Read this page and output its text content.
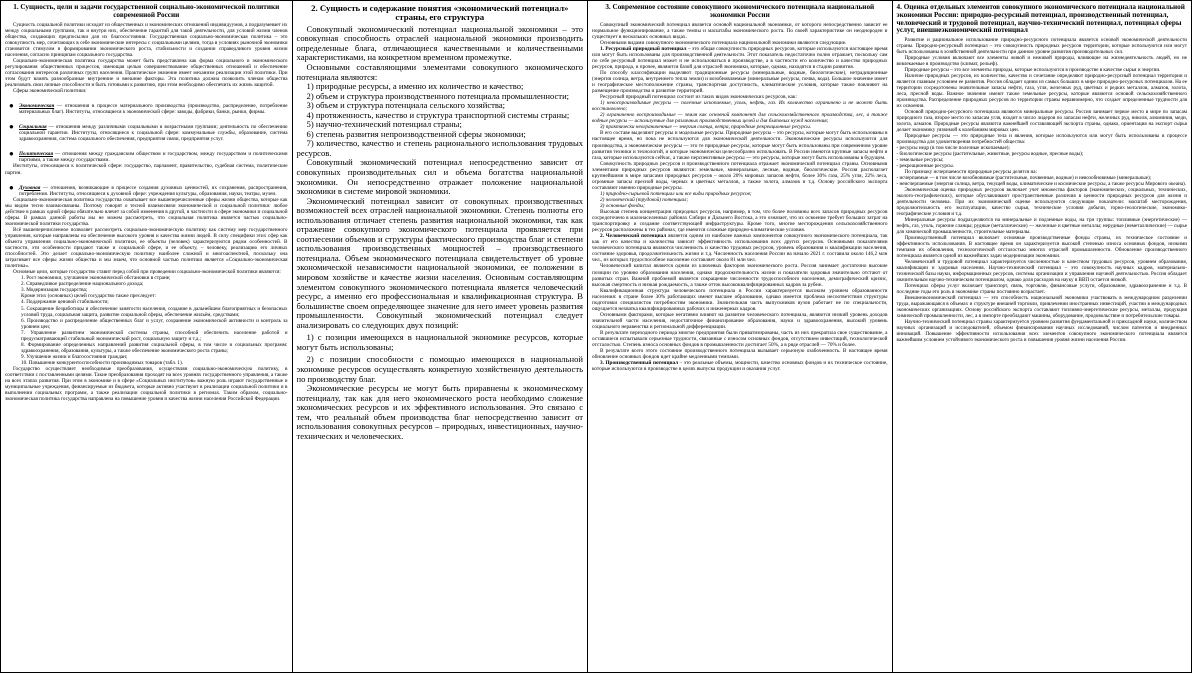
1. Сущность, цели и задачи государственной социально-экономической политики современной России

Сущность социальной политики исходит из общественных и экономических отношений индивидуумов, а подразумевает их между социальными группами, так и внутри них, обеспечение гарантий для такой деятельности, для условий жизни членов общества, создающих предпосылки для их благосостояния. Государственная социально-экономическая политика – это совокупность мер, сочетающих в себе экономические интересы с социальными целями, тогда в условиях рыночной экономики становится стимулом в формировании экономического роста, стабильности и создании справедливого уровня жизни населения, согласно принципам социального государства.

Социально-экономическая политика государства может быть представлена как форма социального и экономического регулирования общественных процессов, имеющая целью совершенствование общественных отношений и обеспечение согласования интересов различных групп населения. Практическое значение имеет механизм реализации этой политики. При этом будут влиять разнообразные внутренние и внешние факторы. Эта политика должна позволить членам общества реализовать свои личные способности и быть готовыми к развитию, при этом необходимо обеспечить их жизнь защитой.

Сферы экономической политики:

● Экономическая — отношения в процессе материального производства (производство, распределение, потребление материальных благ). Институты, относящиеся к экономической сфере: заводы, фабрики, банки, рынки, фирмы.

● Социальная — отношения между различными социальными и возрастными группами; деятельность по обеспечению социальной гарантии. Институты, относящиеся к социальной сфере: коммунальные службы, образование, система здравоохранения, система социального обеспечения, предприятия связи, предприятия услуг.

● Политическая — отношения между гражданским обществом и государством, между государством и политическими партиями, а также между государствами.

Институты, относящиеся к политической сфере: государство, парламент, правительство, судебная система, политические партии.

● Духовная — отношения, возникающие в процессе создания духовных ценностей, их сохранения, распространения, потребления. Институты, относящиеся к духовной сфере: учреждения культуры, образования, науки, театры, музеи.

Социально-экономическая политика государства охватывает все вышеперечисленные сферы жизни общества, которые как мы видим тесно взаимосвязаны. Поэтому говорят о тесной взаимосвязи экономической и социальной политики: любое действие в рамках одной сферы обязательно влечет за собой изменения в другой, в частности в сфере экономики и социальной сферы. В рамках данной работы мы не можем рассмотреть, что социальная политика является частью социально-экономической политики государства.

Всё вышеперечисленное позволяет рассмотреть социально-экономическую политику как систему мер государственного управления, которые направлены на обеспечение высокого уровня и качества жизни людей. В силу специфики этих сфер как объекта управления социально-экономической политики, ее объекты (человек) характеризуются рядом особенностей. В частности, эти особенности придают также и социальной сфере, и ее объекту, – человеку, реализацию его личных способностей. Это делает социально-экономическую политику наиболее сложной и многоаспектной, поскольку она затрагивает все сферы жизни общества и мы знаем, что основной частью политики является «Социально-экономическая политика».

Основные цели, которые государство ставит перед собой при проведении социально-экономической политики являются:

1. Рост экономики, улучшение экономической обстановки в стране;

2. Справедливое распределение национального дохода;

3. Модернизация государства;

Кроме этих (основных) целей государство также преследует:

4. Поддержание ценовой стабильности;

5. Сокращение безработицы и обеспечение занятости населения, создание в дальнейшем благоприятных и безопасных условий труда, социальная защита, развитие социальной сферы, обеспечение жильём, средствами;

6. Производство и распределение общественных благ и услуг, сохранение экономической активности и контроль за уровнем цен;

7. Управление развитием экономической системы страны, способной обеспечить население работой и предусматривающей стабильный экономический рост, социальную защиту и т.д.;

8. Формирование определенных направлений развития социальной сферы, в том числе и социальных программ: здравоохранения, образования, культуры, а также обеспечение экономического роста страны;

9. Улучшение жизни и благосостояния граждан;

10. Повышение конкурентоспособности производимых товаров (табл. 1).

Государство осуществляет необходимые преобразования, осуществляя социально-экономическую политику, в соответствии с поставленными целями. Такие преобразования проходят на всех уровнях государственного управления, а также на всех этапах развития. При этом в экономике и в сфере «Социальных институтов» важную роль играют государственные и муниципальные учреждения, финансируемые из бюджета, которые активно участвуют в реализации социальной политики и в выполнении социальных программ, а также реализации социальной политики в регионах. Таким образом, социально-экономическая политика государства направлена на повышение уровня и качества жизни населения Российской Федерации.

2. Сущность и содержание понятия «экономический потенциал» страны, его структура

Совокупный экономический потенциал национальной экономики – это совокупная способность отраслей национальной экономики производить определенные блага, отличающиеся качественными и количественными характеристиками, на конкретном временном промежутке.

Основными составляющими элементами совокупного экономического потенциала являются:

1) природные ресурсы, а именно их количество и качество;

2) объем и структура производственного потенциала промышленности;

3) объем и структура потенциала сельского хозяйства;

4) протяженность, качество и структура транспортной системы страны;

5) научно-технический потенциал страны;

6) степень развития непроизводственной сферы экономики;

7) количество, качество и степень рационального использования трудовых ресурсов.

Совокупный экономический потенциал непосредственно зависит от совокупных производительных сил и объема богатства национальной экономики. Он непосредственно отражает положение национальной экономики в системе мировой экономики.

Экономический потенциал зависит от совокупных производственных возможностей всех отраслей национальной экономики. Степень полноты его использования отличает степень развития национальной экономики, так как отражение совокупного экономического потенциала проявляется при соотнесении объемов и структуры фактического производства благ и степени использования производственных мощностей – производственного потенциала. Объем экономического потенциала свидетельствует об уровне экономической независимости национальной экономики, ее положении в мировом хозяйстве и качестве жизни населения. Основным составляющим элементом совокупного экономического потенциала является человеческий ресурс, а именно его профессиональная и квалификационная структура. В большинстве своем определяющее значение для него имеет уровень развития промышленности. Совокупный экономический потенциал следует анализировать со следующих двух позиций:

1) с позиции имеющихся в национальной экономике ресурсов, которые могут быть использованы;

2) с позиции способности с помощью имеющихся в национальной экономике ресурсов осуществлять конкретную хозяйственную деятельность по производству благ.

Экономические ресурсы не могут быть приравнены к экономическому потенциалу, так как для него экономического роста необходимо сложение экономических ресурсов и их эффективного использования. Это связано с тем, что реальный объем производства благ непосредственно зависит от использования совокупных ресурсов – природных, инвестиционных, научно-технических и человеческих.

3. Современное состояние совокупного экономического потенциала национальной экономики России

Совокупный экономический потенциал является основой национальной экономики, от которого непосредственно зависит ее нормальное функционирование, а также темпы и масштабы экономического роста. По своей характеристике он неоднороден и существует в нескольких основных видах.

Основными видами совокупного экономического потенциала национальной экономики являются следующие.

1. Ресурсный природный потенциал – это общая совокупность природных ресурсов, которые используются настоящее время или могут быть использованы для производственной деятельности. Этот показатель недостаточно полно отражает, поскольку сам по себе ресурсный потенциал может и не использоваться в производстве, а в частности его количество и качество природных ресурсов, природа, и прочее, являются базой для отраслей экономики, которые, однако, находятся в стадии развития.

По способу классификации выделяют традиционные ресурсы (минеральные, водные, биологические), нетрадиционные (энергия солнца, ветра, внутреннего тепла земли) и возобновляемые (минеральные ресурсы, почва, вода). Большое значение имеет и географическое местоположение страны, транспортная доступность, климатические условия, которые также повлияют на размещение производства и развитие территорий.

Ресурсный природный потенциал состоит из таких видов экономических ресурсов, как:

1) невоспроизводимые ресурсы — полезные ископаемые, уголь, нефть, газ. Их количество ограничено и не может быть восстановлено;

2) ограниченно воспроизводимые — земля как основной компонент для сельскохозяйственного производства, лес, а также водные ресурсы — используемые для различных производственных целей и для бытовых нужд населения;

3) практически неограниченные — энергия солнца, ветра, природные рекреационные ресурсы.

В его составе выделяют ресурсы и модельные ресурсы. Природные ресурсы – это ресурсы, которые могут быть использованы в настоящее время, но пока не используются для экономической деятельности. Экономические ресурсы используются для производства, а экономические ресурсы — это те природные ресурсы, которые могут быть использованы при современном уровне развития техники и технологий, и которые экономически целесообразно использовать. В России имеются крупные запасы нефти и газа, которые используются сейчас, а также перспективные ресурсы — это ресурсы, которые могут быть использованы в будущем.

Совокупность природных ресурсов и производственного потенциала отражает экономический потенциал страны. Основными элементами природных ресурсов являются: земельные, минеральные, лесные, водные, биологические. Россия располагает крупнейшими в мире запасами природных ресурсов – около 20% мировых запасов нефти, более 30% газа, 25% угля, 22% леса, огромные запасы пресной воды, черных и цветных металлов, а также золота, алмазов и т.д. Основу российского экспорта составляют именно природные ресурсы.

1) природно-сырьевой потенциал или все виды природных ресурсов;

2) человеческий (трудовой) потенциал;

3) основные фонды;

Высокая степень концентрации природных ресурсов, например, в том, что более половины всех запасов природных ресурсов сосредоточено в малонаселенных районах Сибири и Дальнего Востока, а это означает, что их освоение требует больших затрат на транспортировку и создание соответствующей инфраструктуры. Кроме того, многие месторождения сельскохозяйственного ресурсов расположены в тех районах, где имеются сложные природно-климатические условия.

2. Человеческий потенциал является одним из наиболее важных компонентов совокупного экономического потенциала, так как от его качества и количества зависит эффективность использования всех других ресурсов. Основными показателями человеческого потенциала являются численность и качество трудовых ресурсов, уровень образования и квалификации населения, состояние здоровья, продолжительность жизни и т.д. Численность населения России на начало 2021 г. составила около 146,2 млн чел., из которых трудоспособное население составляет около 81 млн чел.

Человеческий капитал является одним из ключевых факторов экономического роста. Россия занимает достаточно высокие позиции по уровню образования населения, однако продолжительность жизни и показатели здоровья значительно отстают от развитых стран. Важной проблемой является сокращение численности трудоспособного населения, демографический кризис, высокая смертность и низкая рождаемость, а также отток высококвалифицированных кадров за рубеж.

Квалификационная структура человеческого потенциала в России характеризуется высоким уровнем образованности населения: в стране более 30% работающих имеют высшее образование, однако имеется проблема несоответствия структуры подготовки специалистов потребностям экономики. Значительная часть выпускников вузов работает не по специальности, ощущается нехватка квалифицированных рабочих и инженерных кадров.

Основными факторами, которые негативно влияют на развитие человеческого потенциала, являются низкий уровень доходов значительной части населения, недостаточное финансирование образования, науки и здравоохранения, высокий уровень социального неравенства и региональной дифференциации.

В результате переходного периода многие предприятия были приватизированы, часть из них прекратила свое существование, а оставшиеся испытывали серьезные трудности, связанные с износом основных фондов, отсутствием инвестиций, технологической отсталостью. Степень износа основных фондов в промышленности достигает 50%, а в ряде отраслей — 70% и более.

В результате всего этого состояние производственного потенциала вызывает серьезную озабоченность. В настоящее время обновление основных фондов идет крайне медленными темпами.

3. Производственный потенциал – это реальные объемы, мощности, качество основных фондов и их техническое состояние, которые используются в производстве в целях выпуска продукции и оказания услуг.

4. Оценка отдельных элементов совокупного экономического потенциала национальной экономики России: природно-ресурсный потенциал, производственный потенциал, человеческий и трудовой потенциал, научно-технический потенциал, потенциал сферы услуг, внешнеэкономический потенциал

Развитие и рациональное использование природно-ресурсного потенциала является основой экономической деятельности страны. Природно-ресурсный потенциал – это совокупность природных ресурсов территории, которые используются или могут быть использованы в хозяйственной деятельности при данном уровне развития производительных сил.

Природные условия включают все элементы живой и неживой природы, влияющие на жизнедеятельность людей, но не вовлекаемые в производство (климат, рельеф).

Природные ресурсы – это все элементы природы, которые используются в производстве в качестве сырья и энергии.

Наличие природных ресурсов, их количество, качество и сочетание определяют природно-ресурсный потенциал территории и является главным условием ее развития. Россия обладает одним из самых больших в мире природно-ресурсных потенциалов. На ее территории сосредоточены значительные запасы нефти, газа, угля, железных руд, цветных и редких металлов, алмазов, золота, леса, пресной воды. Важное значение имеют также земельные ресурсы, которые являются основой сельскохозяйственного производства. Распределение природных ресурсов по территории страны неравномерно, что создает определенные трудности для их освоения.

Основой природно-ресурсного потенциала являются минеральные ресурсы. Россия занимает первое место в мире по запасам природного газа, второе место по запасам угля, входит в число лидеров по запасам нефти, железных руд, никеля, алюминия, меди, золота, алмазов. Природные ресурсы являются важнейшей составляющей экспорта страны, однако, ориентация на экспорт сырья делает экономику уязвимой к колебаниям мировых цен.

Природные ресурсы — это природные тела и явления, которые используются или могут быть использованы в процессе производства для удовлетворения потребностей общества:

- ресурсы недр (в том числе полезные ископаемые);

- биологические ресурсы (растительные, животные, ресурсы водные, пресные воды);

- земельные ресурсы;

- рекреационные ресурсы.

По признаку исчерпаемости природные ресурсы делятся на:

- исчерпаемые — в том числе возобновимые (растительные, почвенные, водные) и невозобновимые (минеральные);

- неисчерпаемые (энергия солнца, ветра, текущей воды, климатические и космические ресурсы, а также ресурсы Мирового океана).

Экономическая оценка природных ресурсов включает учет множества факторов (экономических, социальных, технических, эколого-географических), которые обуславливают пространственные различия в ценности природных ресурсов для жизни и деятельности человека. При их экономической оценке используются следующие показатели: масштаб месторождения, продолжительность его эксплуатации, качество сырья, технические условия добычи, горно-геологические, экономико-географические условия и т.д.

Минеральные ресурсы подразделяются на минеральные и подземные воды, на три группы: топливные (энергетические) — нефть, газ, уголь, горючие сланцы; рудные (металлические) — железные и цветные металлы; нерудные (неметаллические) — сырье для химической промышленности, строительные материалы.

Производственный потенциал включает основные производственные фонды страны, их техническое состояние и эффективность использования. В настоящее время он характеризуется высокой степенью износа основных фондов, низкими темпами их обновления, технологической отсталостью многих отраслей промышленности. Обновление производственного потенциала является одной из важнейших задач модернизации экономики.

Человеческий и трудовой потенциал характеризуется численностью и качеством трудовых ресурсов, уровнем образования, квалификации и здоровья населения. Научно-технический потенциал – это совокупность научных кадров, материально-технической базы науки, информационных ресурсов, системы организации и управления научной деятельностью. Россия обладает значительным научно-техническим потенциалом, однако доля расходов на науку в ВВП остается низкой.

Потенциал сферы услуг включает транспорт, связь, торговлю, финансовые услуги, образование, здравоохранение и т.д. В последние годы его роль в экономике страны постоянно возрастает.

Внешнеэкономический потенциал — это способность национальной экономики участвовать в международном разделении труда, выражающаяся в объемах и структуре внешней торговли, привлечении иностранных инвестиций, участии в международных экономических организациях. Основу российского экспорта составляют топливно-энергетические ресурсы, металлы, продукция химической промышленности, лес, а в импорте преобладают машины, оборудование, продовольствие и потребительские товары.

Научно-технический потенциал страны характеризуется уровнем развития фундаментальной и прикладной науки, количеством научных организаций и исследователей, объемом финансирования научных исследований, числом патентов и внедренных инноваций. Повышение эффективности использования всех элементов совокупного экономического потенциала является важнейшим условием устойчивого экономического роста и повышения уровня жизни населения России.
